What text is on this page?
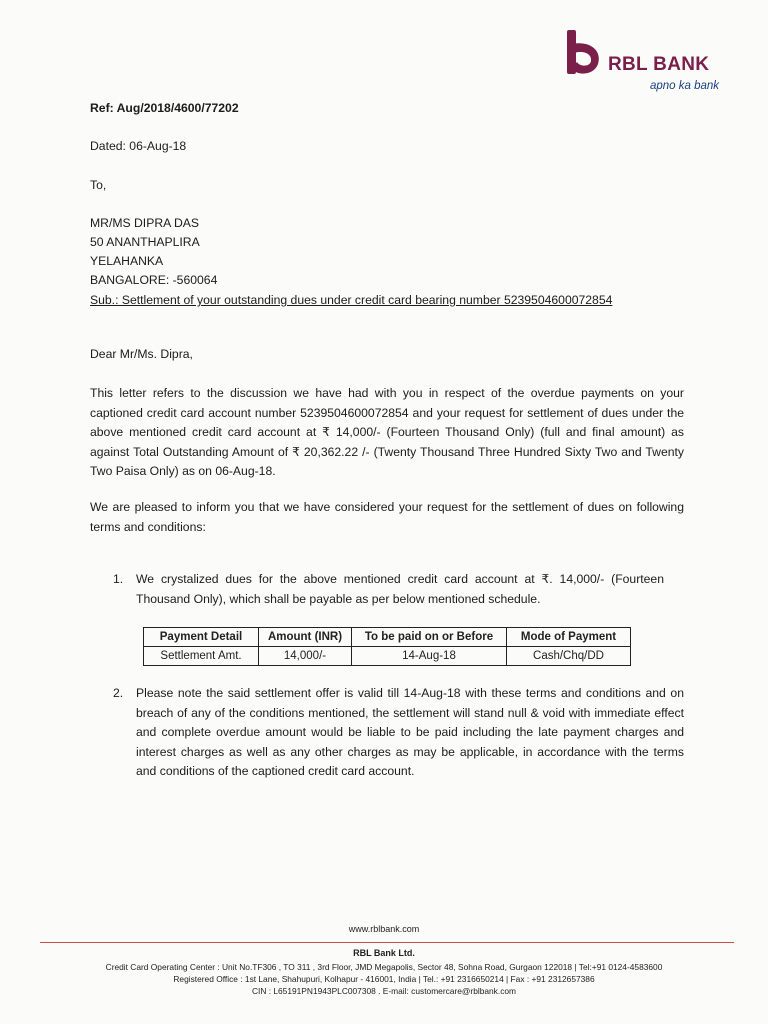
RBL BANK
apno ka bank
Ref: Aug/2018/4600/77202
Dated: 06-Aug-18
To,
MR/MS DIPRA DAS
50 ANANTHAPLIRA
YELAHANKA
BANGALORE: -560064
Sub.: Settlement of your outstanding dues under credit card bearing number 5239504600072854
Dear Mr/Ms. Dipra,
This letter refers to the discussion we have had with you in respect of the overdue payments on your captioned credit card account number 5239504600072854 and your request for settlement of dues under the above mentioned credit card account at ₹ 14,000/- (Fourteen Thousand Only) (full and final amount) as against Total Outstanding Amount of ₹ 20,362.22 /- (Twenty Thousand Three Hundred Sixty Two and Twenty Two Paisa Only) as on 06-Aug-18.
We are pleased to inform you that we have considered your request for the settlement of dues on following terms and conditions:
1. We crystalized dues for the above mentioned credit card account at ₹. 14,000/- (Fourteen Thousand Only), which shall be payable as per below mentioned schedule.
Payment Detail	Amount (INR)	To be paid on or Before	Mode of Payment
Settlement Amt.	14,000/-	14-Aug-18	Cash/Chq/DD
2. Please note the said settlement offer is valid till 14-Aug-18 with these terms and conditions and on breach of any of the conditions mentioned, the settlement will stand null & void with immediate effect and complete overdue amount would be liable to be paid including the late payment charges and interest charges as well as any other charges as may be applicable, in accordance with the terms and conditions of the captioned credit card account.
www.rblbank.com
RBL Bank Ltd.
Credit Card Operating Center : Unit No.TF306 , TO 311 , 3rd Floor, JMD Megapolis, Sector 48, Sohna Road, Gurgaon 122018 | Tel:+91 0124-4583600
Registered Office : 1st Lane, Shahupuri, Kolhapur - 416001, India | Tel.: +91 2316650214 | Fax : +91 2312657386
CIN : L65191PN1943PLC007308 . E-mail: customercare@rblbank.com
